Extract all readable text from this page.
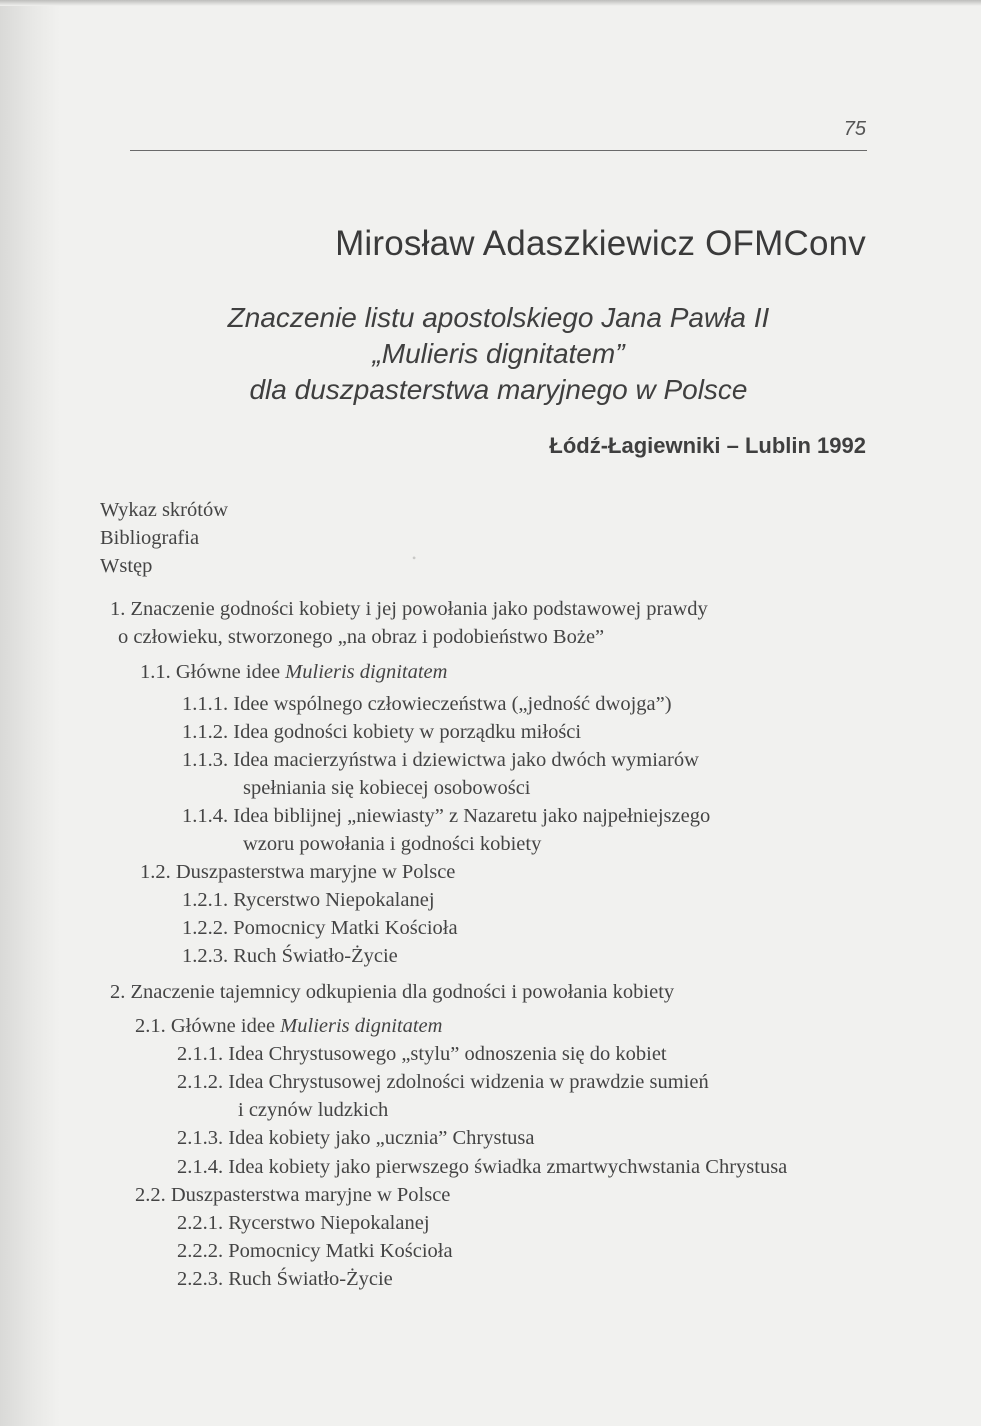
75
Mirosław Adaszkiewicz OFMConv
Znaczenie listu apostolskiego Jana Pawła II
„Mulieris dignitatem”
dla duszpasterstwa maryjnego w Polsce
Łódź-Łagiewniki – Lublin 1992
•
Wykaz skrótów
Bibliografia
Wstęp
1. Znaczenie godności kobiety i jej powołania jako podstawowej prawdy
o człowieku, stworzonego „na obraz i podobieństwo Boże”
1.1. Główne idee Mulieris dignitatem
1.1.1. Idee wspólnego człowieczeństwa („jedność dwojga”)
1.1.2. Idea godności kobiety w porządku miłości
1.1.3. Idea macierzyństwa i dziewictwa jako dwóch wymiarów
spełniania się kobiecej osobowości
1.1.4. Idea biblijnej „niewiasty” z Nazaretu jako najpełniejszego
wzoru powołania i godności kobiety
1.2. Duszpasterstwa maryjne w Polsce
1.2.1. Rycerstwo Niepokalanej
1.2.2. Pomocnicy Matki Kościoła
1.2.3. Ruch Światło-Życie
2. Znaczenie tajemnicy odkupienia dla godności i powołania kobiety
2.1. Główne idee Mulieris dignitatem
2.1.1. Idea Chrystusowego „stylu” odnoszenia się do kobiet
2.1.2. Idea Chrystusowej zdolności widzenia w prawdzie sumień
i czynów ludzkich
2.1.3. Idea kobiety jako „ucznia” Chrystusa
2.1.4. Idea kobiety jako pierwszego świadka zmartwychwstania Chrystusa
2.2. Duszpasterstwa maryjne w Polsce
2.2.1. Rycerstwo Niepokalanej
2.2.2. Pomocnicy Matki Kościoła
2.2.3. Ruch Światło-Życie
